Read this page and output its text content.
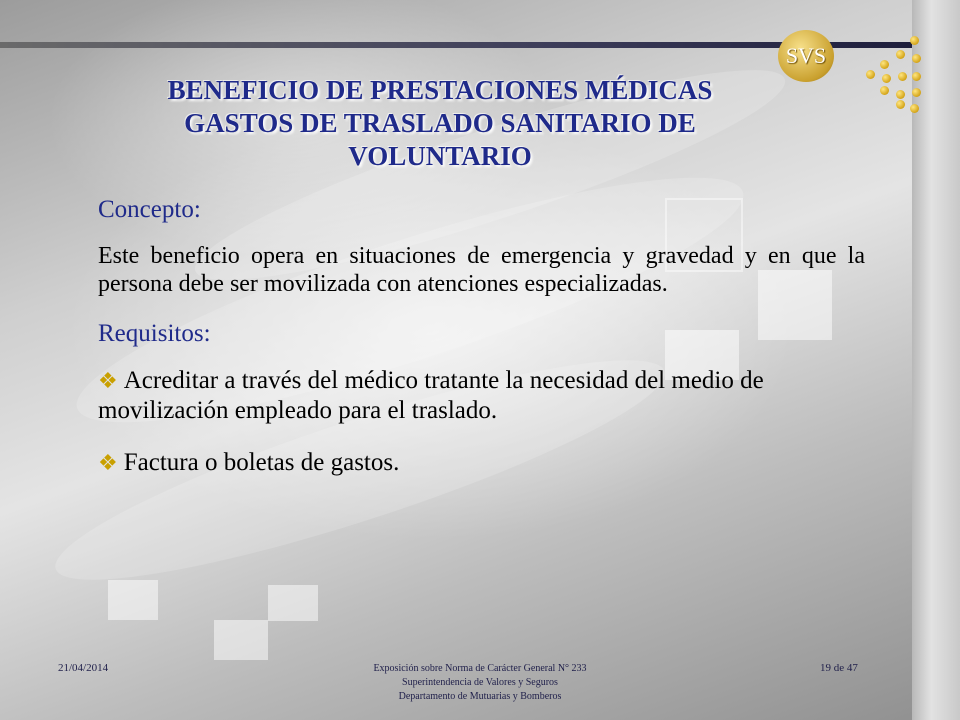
SVS
BENEFICIO DE PRESTACIONES MÉDICAS
GASTOS DE TRASLADO SANITARIO DE
VOLUNTARIO

Concepto:

Este beneficio opera en situaciones de emergencia y gravedad y en que la persona debe ser movilizada con atenciones especializadas.

Requisitos:

❖ Acreditar a través del médico tratante la necesidad del medio de movilización empleado para el traslado.

❖ Factura o boletas de gastos.

21/04/2014	Exposición sobre Norma de Carácter General N° 233
Superintendencia de Valores y Seguros
Departamento de Mutuarias y Bomberos
19 de 47
